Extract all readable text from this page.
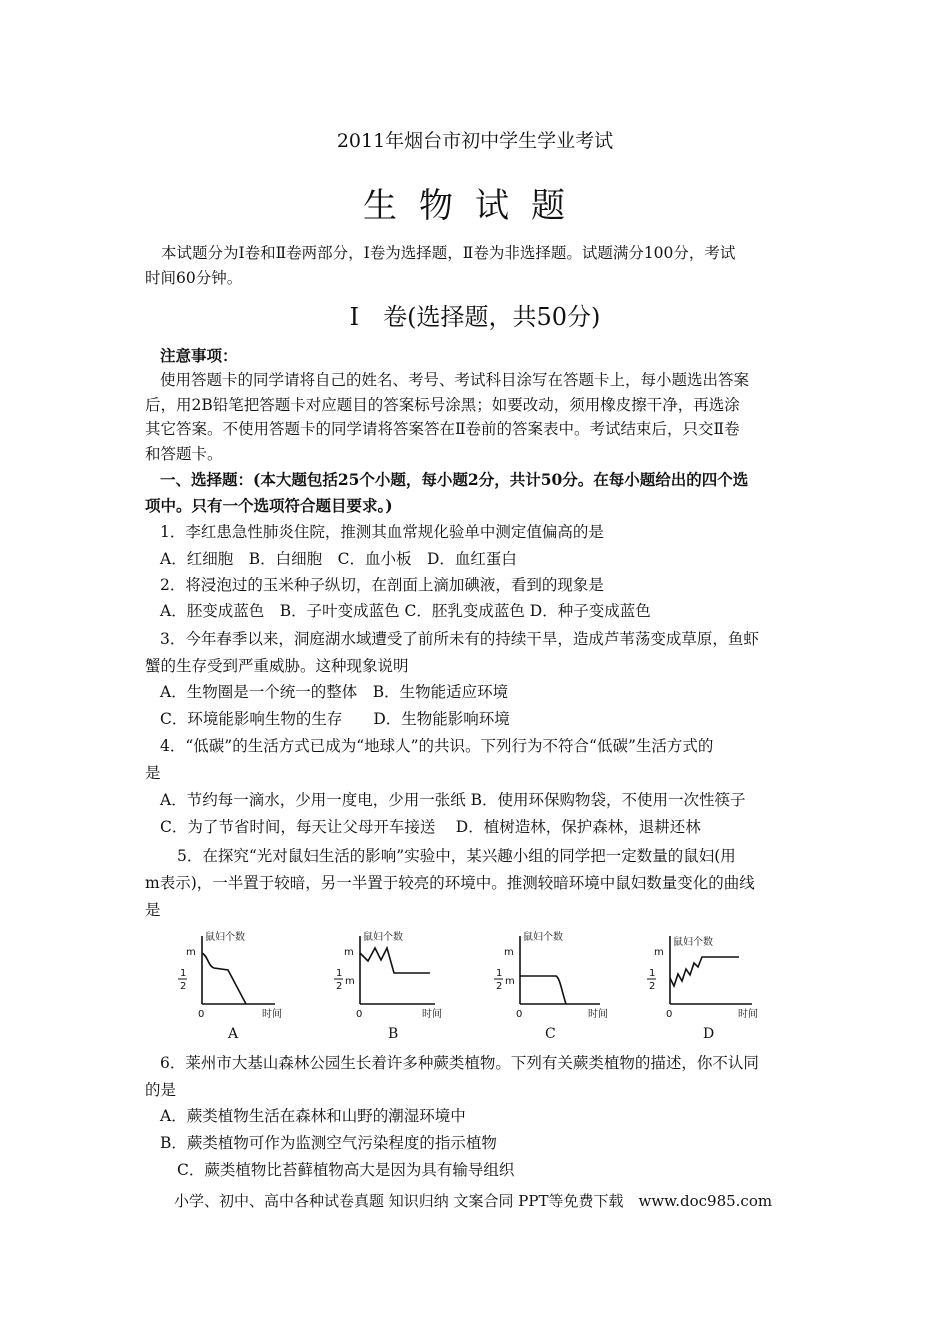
2011年烟台市初中学生学业考试
生物试题
本试题分为Ⅰ卷和Ⅱ卷两部分，Ⅰ卷为选择题，Ⅱ卷为非选择题。试题满分100分，考试
时间60分钟。
Ⅰ　卷(选择题，共50分)
注意事项：
使用答题卡的同学请将自己的姓名、考号、考试科目涂写在答题卡上，每小题选出答案
后，用2B铅笔把答题卡对应题目的答案标号涂黑；如要改动，须用橡皮擦干净，再选涂
其它答案。不使用答题卡的同学请将答案答在Ⅱ卷前的答案表中。考试结束后，只交Ⅱ卷
和答题卡。
一、选择题：(本大题包括25个小题，每小题2分，共计50分。在每小题给出的四个选
项中。只有一个选项符合题目要求。)
1．李红患急性肺炎住院，推测其血常规化验单中测定值偏高的是
A．红细胞　B．白细胞　C．血小板　D．血红蛋白
2．将浸泡过的玉米种子纵切，在剖面上滴加碘液，看到的现象是
A．胚变成蓝色　B．子叶变成蓝色 C．胚乳变成蓝色 D．种子变成蓝色
3．今年春季以来，洞庭湖水域遭受了前所未有的持续干旱，造成芦苇荡变成草原，鱼虾
蟹的生存受到严重威胁。这种现象说明
A．生物圈是一个统一的整体　B．生物能适应环境
C．环境能影响生物的生存　　D．生物能影响环境
4．“低碳”的生活方式已成为“地球人”的共识。下列行为不符合“低碳”生活方式的
是
A．节约每一滴水，少用一度电，少用一张纸 B．使用环保购物袋，不使用一次性筷子
C．为了节省时间，每天让父母开车接送　 D．植树造林，保护森林，退耕还林
5．在探究“光对鼠妇生活的影响”实验中，某兴趣小组的同学把一定数量的鼠妇(用
m表示)，一半置于较暗，另一半置于较亮的环境中。推测较暗环境中鼠妇数量变化的曲线
是
鼠妇个数
m
1
2
0	时间
A
鼠妇个数
m
1
2 m
0	时间
B
鼠妇个数
m
1
2 m
0	时间
C
鼠妇个数
m
1
2
0	时间
D
6．莱州市大基山森林公园生长着许多种蕨类植物。下列有关蕨类植物的描述，你不认同
的是
A．蕨类植物生活在森林和山野的潮湿环境中
B．蕨类植物可作为监测空气污染程度的指示植物
C．蕨类植物比苔藓植物高大是因为具有输导组织
小学、初中、高中各种试卷真题 知识归纳 文案合同 PPT等免费下载　www.doc985.com
